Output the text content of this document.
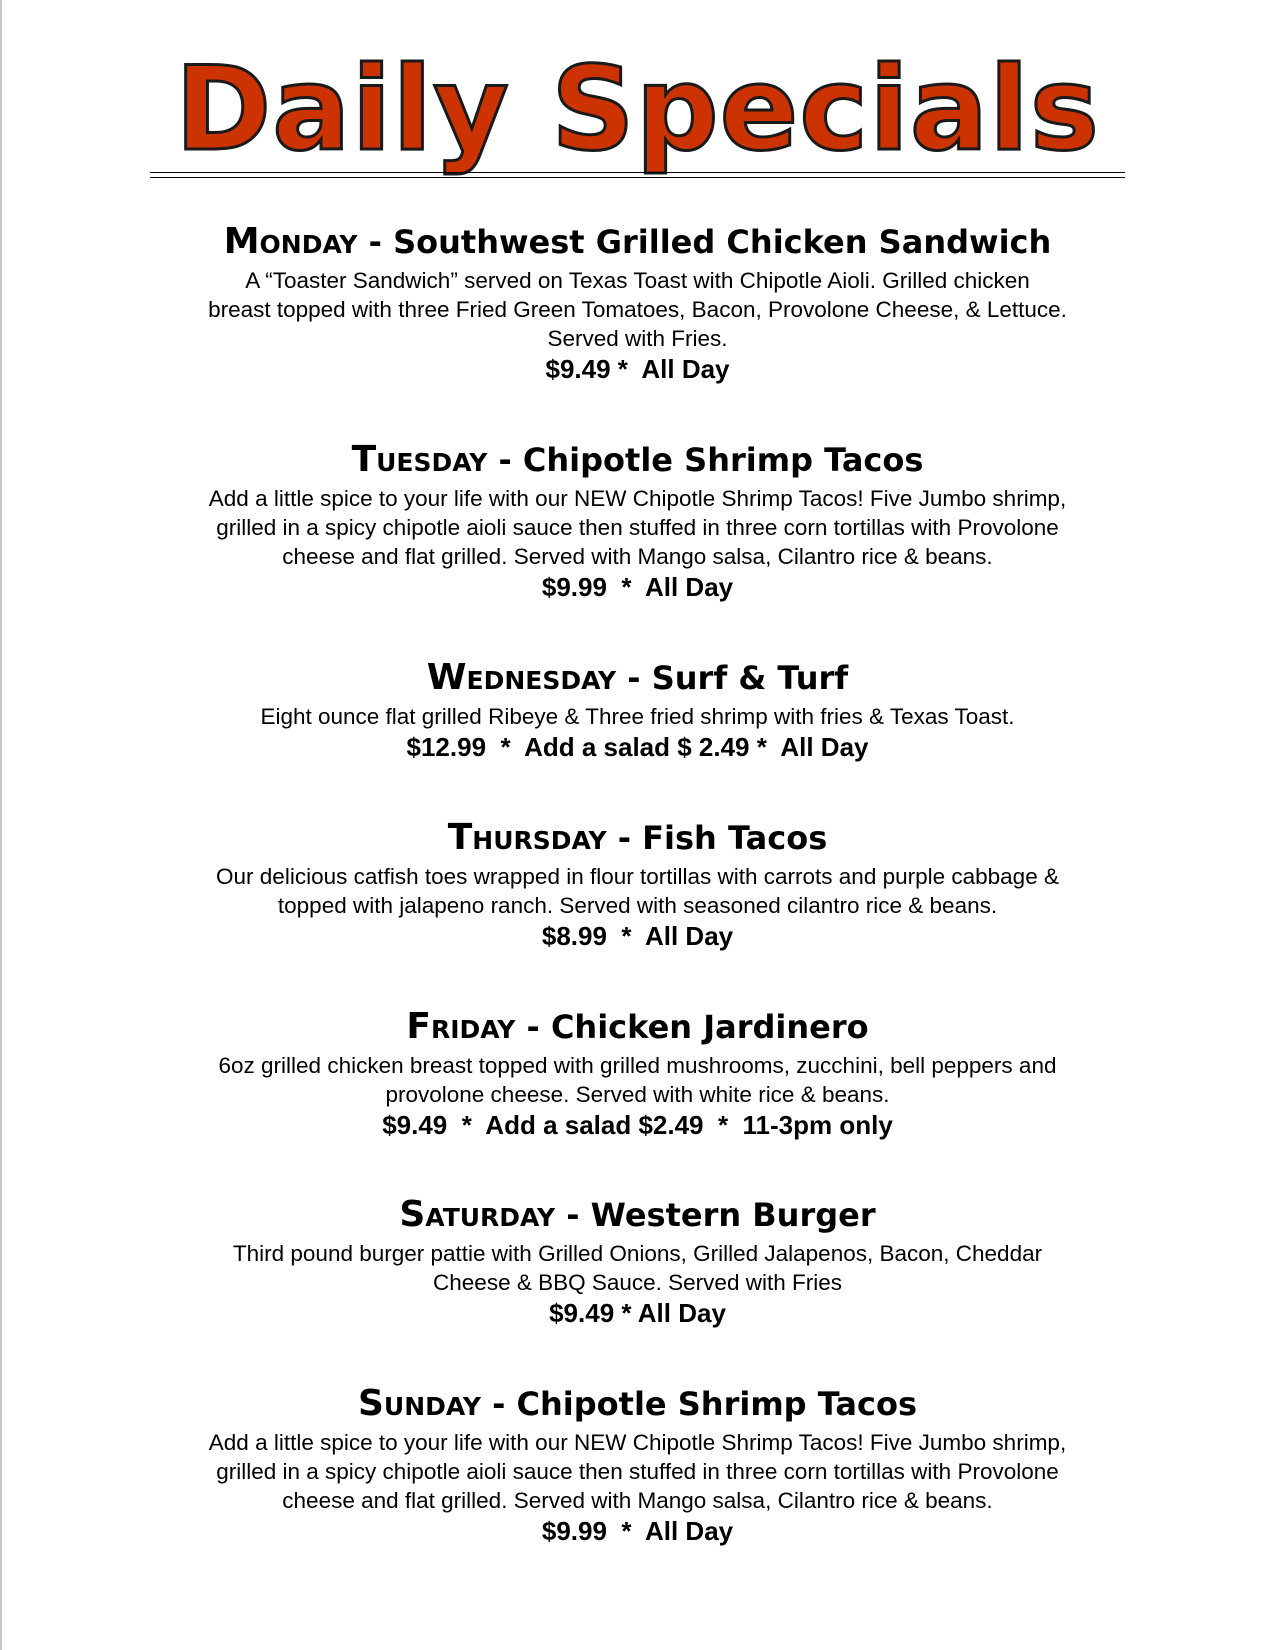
Daily Specials
Monday - Southwest Grilled Chicken Sandwich

A “Toaster Sandwich” served on Texas Toast with Chipotle Aioli. Grilled chicken
breast topped with three Fried Green Tomatoes, Bacon, Provolone Cheese, & Lettuce.
Served with Fries.

$9.49 *  All Day

Tuesday - Chipotle Shrimp Tacos

Add a little spice to your life with our NEW Chipotle Shrimp Tacos! Five Jumbo shrimp,
grilled in a spicy chipotle aioli sauce then stuffed in three corn tortillas with Provolone
cheese and flat grilled. Served with Mango salsa, Cilantro rice & beans.

$9.99  *  All Day

Wednesday - Surf & Turf

Eight ounce flat grilled Ribeye & Three fried shrimp with fries & Texas Toast.

$12.99  *  Add a salad $ 2.49 *  All Day

Thursday - Fish Tacos

Our delicious catfish toes wrapped in flour tortillas with carrots and purple cabbage &
topped with jalapeno ranch. Served with seasoned cilantro rice & beans.

$8.99  *  All Day

Friday - Chicken Jardinero

6oz grilled chicken breast topped with grilled mushrooms, zucchini, bell peppers and
provolone cheese. Served with white rice & beans.

$9.49  *  Add a salad $2.49  *  11-3pm only

Saturday - Western Burger

Third pound burger pattie with Grilled Onions, Grilled Jalapenos, Bacon, Cheddar
Cheese & BBQ Sauce. Served with Fries

$9.49 * All Day

Sunday - Chipotle Shrimp Tacos

Add a little spice to your life with our NEW Chipotle Shrimp Tacos! Five Jumbo shrimp,
grilled in a spicy chipotle aioli sauce then stuffed in three corn tortillas with Provolone
cheese and flat grilled. Served with Mango salsa, Cilantro rice & beans.

$9.99  *  All Day
